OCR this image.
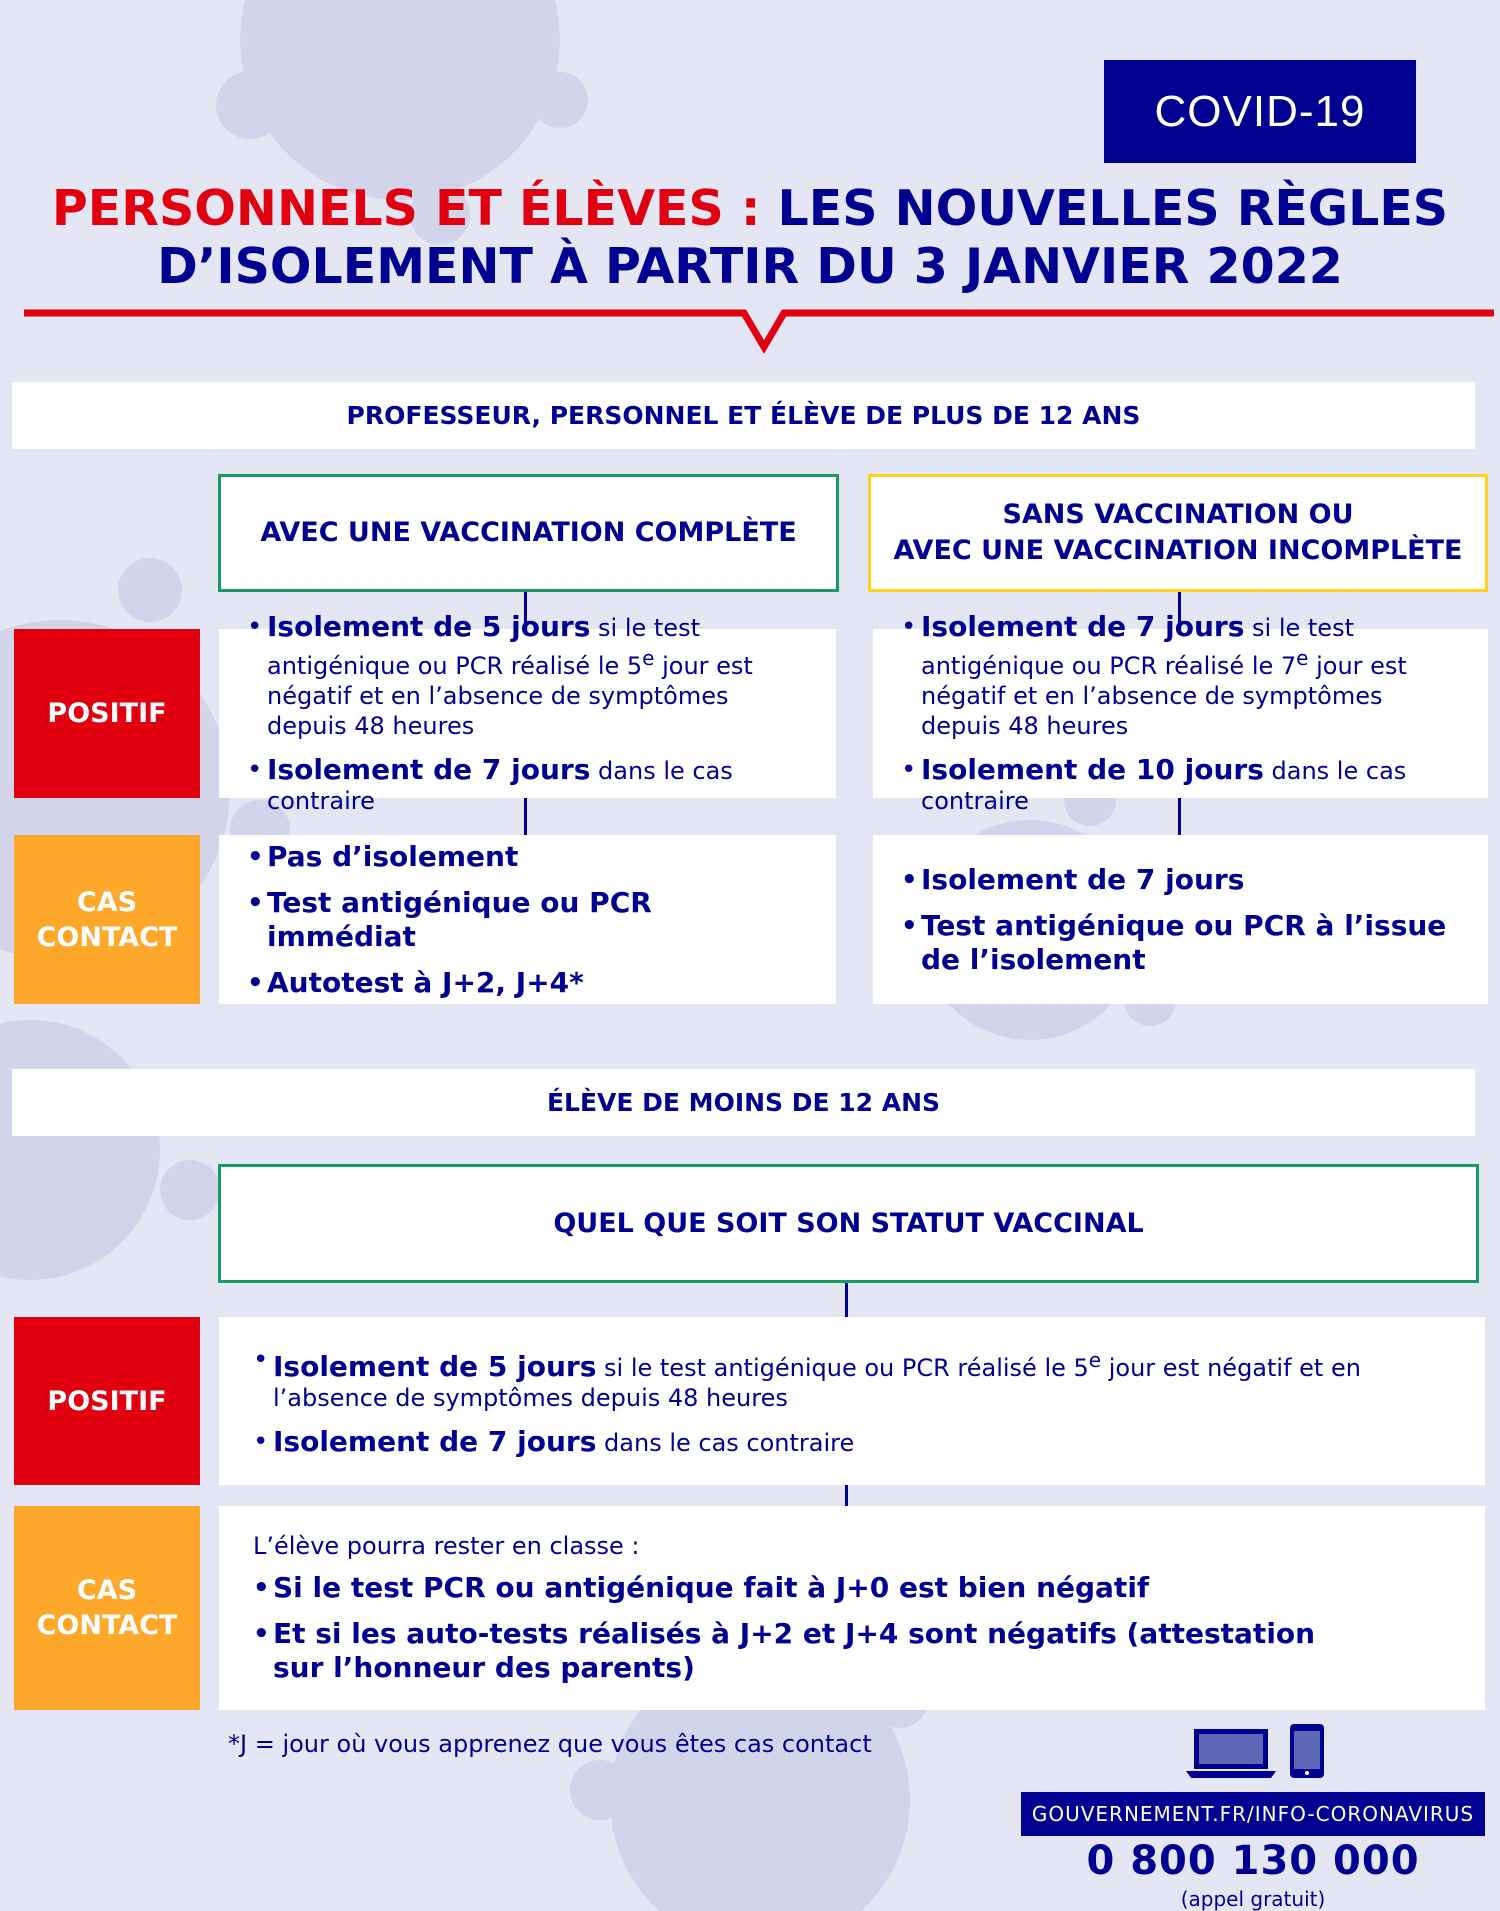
COVID-19
PERSONNELS ET ÉLÈVES : LES NOUVELLES RÈGLES
D’ISOLEMENT À PARTIR DU 3 JANVIER 2022
PROFESSEUR, PERSONNEL ET ÉLÈVE DE PLUS DE 12 ANS
AVEC UNE VACCINATION COMPLÈTE
SANS VACCINATION OU
AVEC UNE VACCINATION INCOMPLÈTE
POSITIF
• Isolement de 5 jours si le test antigénique ou PCR réalisé le 5e jour est négatif et en l’absence de symptômes depuis 48 heures
• Isolement de 7 jours dans le cas contraire
• Isolement de 7 jours si le test antigénique ou PCR réalisé le 7e jour est négatif et en l’absence de symptômes depuis 48 heures
• Isolement de 10 jours dans le cas contraire
CAS
CONTACT
• Pas d’isolement
• Test antigénique ou PCR immédiat
• Autotest à J+2, J+4*
• Isolement de 7 jours
• Test antigénique ou PCR à l’issue de l’isolement
ÉLÈVE DE MOINS DE 12 ANS
QUEL QUE SOIT SON STATUT VACCINAL
POSITIF
• Isolement de 5 jours si le test antigénique ou PCR réalisé le 5e jour est négatif et en l’absence de symptômes depuis 48 heures
• Isolement de 7 jours dans le cas contraire
CAS
CONTACT
L’élève pourra rester en classe :
• Si le test PCR ou antigénique fait à J+0 est bien négatif
• Et si les auto-tests réalisés à J+2 et J+4 sont négatifs (attestation sur l’honneur des parents)
*J = jour où vous apprenez que vous êtes cas contact
GOUVERNEMENT.FR/INFO-CORONAVIRUS
0 800 130 000
(appel gratuit)
